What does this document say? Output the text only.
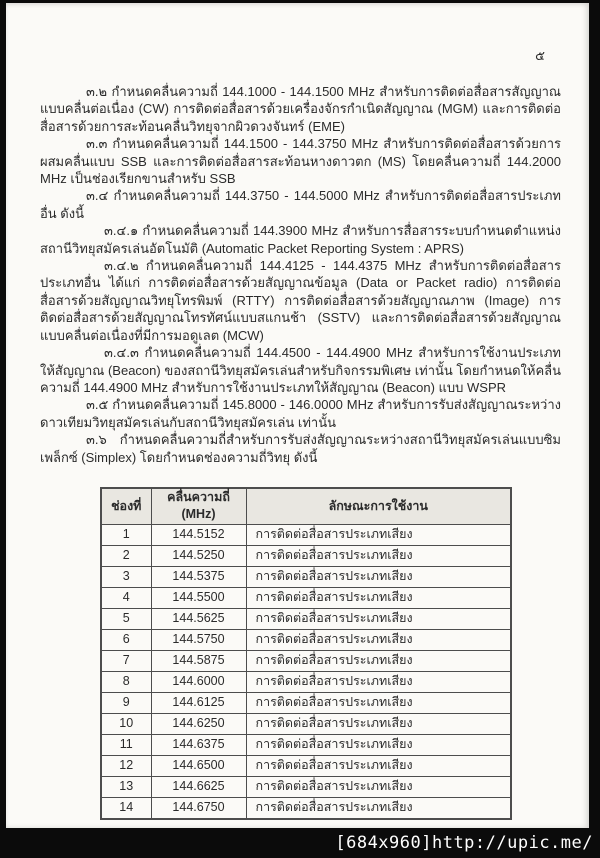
๕

๓.๒ กำหนดคลื่นความถี่ 144.1000 - 144.1500 MHz สำหรับการติดต่อสื่อสารสัญญาณแบบคลื่นต่อเนื่อง (CW) การติดต่อสื่อสารด้วยเครื่องจักรกำเนิดสัญญาณ (MGM) และการติดต่อสื่อสารด้วยการสะท้อนคลื่นวิทยุจากผิวดวงจันทร์ (EME)

๓.๓ กำหนดคลื่นความถี่ 144.1500 - 144.3750 MHz สำหรับการติดต่อสื่อสารด้วยการผสมคลื่นแบบ SSB และการติดต่อสื่อสารสะท้อนหางดาวตก (MS) โดยคลื่นความถี่ 144.2000 MHz เป็นช่องเรียกขานสำหรับ SSB

๓.๔ กำหนดคลื่นความถี่ 144.3750 - 144.5000 MHz สำหรับการติดต่อสื่อสารประเภทอื่น ดังนี้

๓.๔.๑ กำหนดคลื่นความถี่ 144.3900 MHz สำหรับการสื่อสารระบบกำหนดตำแหน่งสถานีวิทยุสมัครเล่นอัตโนมัติ (Automatic Packet Reporting System : APRS)

๓.๔.๒ กำหนดคลื่นความถี่ 144.4125 - 144.4375 MHz สำหรับการติดต่อสื่อสารประเภทอื่น ได้แก่ การติดต่อสื่อสารด้วยสัญญาณข้อมูล (Data or Packet radio) การติดต่อสื่อสารด้วยสัญญาณวิทยุโทรพิมพ์ (RTTY) การติดต่อสื่อสารด้วยสัญญาณภาพ (Image) การติดต่อสื่อสารด้วยสัญญาณโทรทัศน์แบบสแกนช้า (SSTV) และการติดต่อสื่อสารด้วยสัญญาณแบบคลื่นต่อเนื่องที่มีการมอดูเลต (MCW)

๓.๔.๓ กำหนดคลื่นความถี่ 144.4500 - 144.4900 MHz สำหรับการใช้งานประเภทให้สัญญาณ (Beacon) ของสถานีวิทยุสมัครเล่นสำหรับกิจกรรมพิเศษ เท่านั้น โดยกำหนดให้คลื่นความถี่ 144.4900 MHz สำหรับการใช้งานประเภทให้สัญญาณ (Beacon) แบบ WSPR

๓.๕ กำหนดคลื่นความถี่ 145.8000 - 146.0000 MHz สำหรับการรับส่งสัญญาณระหว่างดาวเทียมวิทยุสมัครเล่นกับสถานีวิทยุสมัครเล่น เท่านั้น

๓.๖ กำหนดคลื่นความถี่สำหรับการรับส่งสัญญาณระหว่างสถานีวิทยุสมัครเล่นแบบซิมเพล็กซ์ (Simplex) โดยกำหนดช่องความถี่วิทยุ ดังนี้

ช่องที่	คลื่นความถี่ (MHz)	ลักษณะการใช้งาน
1	144.5152	การติดต่อสื่อสารประเภทเสียง
2	144.5250	การติดต่อสื่อสารประเภทเสียง
3	144.5375	การติดต่อสื่อสารประเภทเสียง
4	144.5500	การติดต่อสื่อสารประเภทเสียง
5	144.5625	การติดต่อสื่อสารประเภทเสียง
6	144.5750	การติดต่อสื่อสารประเภทเสียง
7	144.5875	การติดต่อสื่อสารประเภทเสียง
8	144.6000	การติดต่อสื่อสารประเภทเสียง
9	144.6125	การติดต่อสื่อสารประเภทเสียง
10	144.6250	การติดต่อสื่อสารประเภทเสียง
11	144.6375	การติดต่อสื่อสารประเภทเสียง
12	144.6500	การติดต่อสื่อสารประเภทเสียง
13	144.6625	การติดต่อสื่อสารประเภทเสียง
14	144.6750	การติดต่อสื่อสารประเภทเสียง
[684x960]http://upic.me/
